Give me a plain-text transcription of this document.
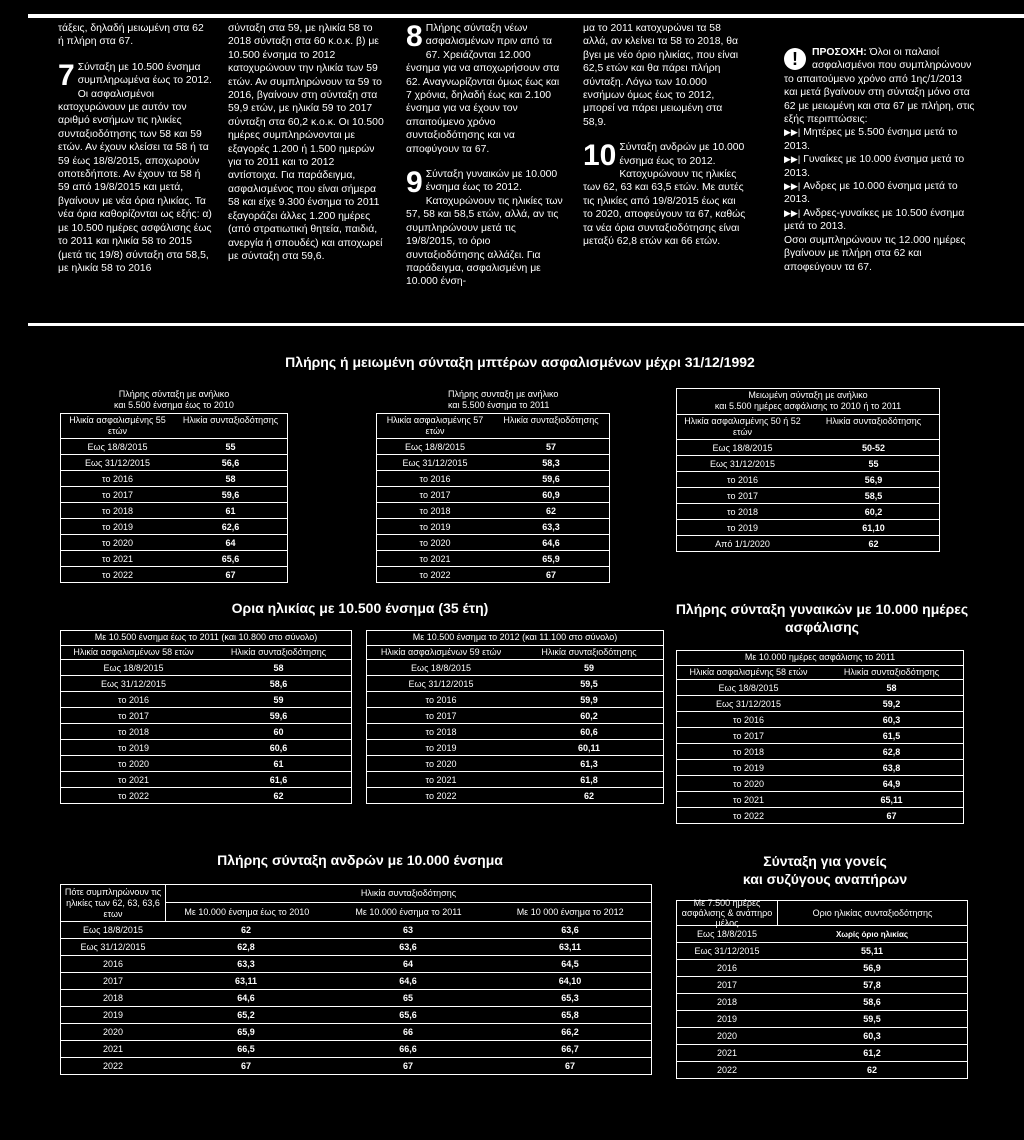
τάξεις, δηλαδή μειωμένη στα 62 ή πλήρη στα 67.

7 Σύνταξη με 10.500 ένσημα συμπληρωμένα έως το 2012. Οι ασφαλισμένοι κατοχυρώνουν με αυτόν τον αριθμό ενσήμων τις ηλικίες συνταξιοδότησης των 58 και 59 ετών. Αν έχουν κλείσει τα 58 ή τα 59 έως 18/8/2015, αποχωρούν οποτεδήποτε. Αν έχουν τα 58 ή 59 από 19/8/2015 και μετά, βγαίνουν με νέα όρια ηλικίας. Τα νέα όρια καθορίζονται ως εξής: α) με 10.500 ημέρες ασφάλισης έως το 2011 και ηλικία 58 το 2015 (μετά τις 19/8) σύνταξη στα 58,5, με ηλικία 58 το 2016

σύνταξη στα 59, με ηλικία 58 το 2018 σύνταξη στα 60 κ.ο.κ. β) με 10.500 ένσημα το 2012 κατοχυρώνουν την ηλικία των 59 ετών. Αν συμπληρώνουν τα 59 το 2016, βγαίνουν στη σύνταξη στα 59,9 ετών, με ηλικία 59 το 2017 σύνταξη στα 60,2 κ.ο.κ. Οι 10.500 ημέρες συμπληρώνονται με εξαγορές 1.200 ή 1.500 ημερών για το 2011 και το 2012 αντίστοιχα. Για παράδειγμα, ασφαλισμένος που είναι σήμερα 58 και είχε 9.300 ένσημα το 2011 εξαγοράζει άλλες 1.200 ημέρες (από στρατιωτική θητεία, παιδιά, ανεργία ή σπουδές) και αποχωρεί με σύνταξη στα 59,6.

8 Πλήρης σύνταξη νέων ασφαλισμένων πριν από τα 67. Χρειάζονται 12.000 ένσημα για να αποχωρήσουν στα 62. Αναγνωρίζονται όμως έως και 7 χρόνια, δηλαδή έως και 2.100 ένσημα για να έχουν τον απαιτούμενο χρόνο συνταξιοδότησης και να αποφύγουν τα 67.

9 Σύνταξη γυναικών με 10.000 ένσημα έως το 2012. Κατοχυρώνουν τις ηλικίες των 57, 58 και 58,5 ετών, αλλά, αν τις συμπληρώνουν μετά τις 19/8/2015, το όριο συνταξιοδότησης αλλάζει. Για παράδειγμα, ασφαλισμένη με 10.000 ένση-

μα το 2011 κατοχυρώνει τα 58 αλλά, αν κλείνει τα 58 το 2018, θα βγει με νέο όριο ηλικίας, που είναι 62,5 ετών και θα πάρει πλήρη σύνταξη. Λόγω των 10.000 ενσήμων όμως έως το 2012, μπορεί να πάρει μειωμένη στα 58,9.

10 Σύνταξη ανδρών με 10.000 ένσημα έως το 2012. Κατοχυρώνουν τις ηλικίες των 62, 63 και 63,5 ετών. Με αυτές τις ηλικίες από 19/8/2015 έως και το 2020, αποφεύγουν τα 67, καθώς τα νέα όρια συνταξιοδότησης είναι μεταξύ 62,8 ετών και 66 ετών.

!	ΠΡΟΣΟΧΗ: Όλοι οι παλαιοί ασφαλισμένοι που συμπληρώνουν το απαιτούμενο χρόνο από 1ης/1/2013 και μετά βγαίνουν στη σύνταξη μόνο στα 62 με μειωμένη και στα 67 με πλήρη, στις εξής περιπτώσεις:

▶▶| Μητέρες με 5.500 ένσημα μετά το 2013.

▶▶| Γυναίκες με 10.000 ένσημα μετά το 2013.

▶▶| Ανδρες με 10.000 ένσημα μετά το 2013.

▶▶| Ανδρες-γυναίκες με 10.500 ένσημα μετά το 2013.

Οσοι συμπληρώνουν τις 12.000 ημέρες βγαίνουν με πλήρη στα 62 και αποφεύγουν τα 67.

Πλήρης ή μειωμένη σύνταξη μπτέρων ασφαλισμένων μέχρι 31/12/1992
Πλήρης σύνταξη με ανήλικο
και 5.500 ένσημα έως το 2010
Ηλικία ασφαλισμένης 55 ετών
Ηλικία συνταξιοδότησης
Εως 18/8/2015	55
Εως 31/12/2015	56,6
το 2016	58
το 2017	59,6
το 2018	61
το 2019	62,6
το 2020	64
το 2021	65,6
το 2022	67
Πλήρης συνταξη με ανήλικο
και 5.500 ένσημα το 2011
Ηλικία ασφαλισμένης 57 ετών
Ηλικία συνταξιοδότησης
Εως 18/8/2015	57
Εως 31/12/2015	58,3
το 2016	59,6
το 2017	60,9
το 2018	62
το 2019	63,3
το 2020	64,6
το 2021	65,9
το 2022	67
Μειωμένη σύνταξη με ανήλικο
και 5.500 ημέρες ασφάλισης το 2010 ή το 2011
Ηλικία ασφαλισμένης 50 ή 52 ετών
Ηλικία συνταξιοδότησης
Εως 18/8/2015	50-52
Εως 31/12/2015	55
το 2016	56,9
το 2017	58,5
το 2018	60,2
το 2019	61,10
Από 1/1/2020	62
Ορια ηλικίας με 10.500 ένσημα (35 έτη)
Με 10.500 ένσημα έως το 2011 (και 10.800 στο σύνολο)
Ηλικία ασφαλισμένων 58 ετών	Ηλικία συνταξιοδότησης
Εως 18/8/2015	58
Εως 31/12/2015	58,6
το 2016	59
το 2017	59,6
το 2018	60
το 2019	60,6
το 2020	61
το 2021	61,6
το 2022	62
Με 10.500 ένσημα το 2012 (και 11.100 στο σύνολο)
Ηλικία ασφαλισμένων 59 ετών	Ηλικία συνταξιοδότησης
Εως 18/8/2015	59
Εως 31/12/2015	59,5
το 2016	59,9
το 2017	60,2
το 2018	60,6
το 2019	60,11
το 2020	61,3
το 2021	61,8
το 2022	62
Πλήρης σύνταξη γυναικών με 10.000 ημέρες ασφάλισης
Με 10.000 ημέρες ασφάλισης το 2011
Ηλικία ασφαλισμένης 58 ετών	Ηλικία συνταξιοδότησης
Εως 18/8/2015	58
Εως 31/12/2015	59,2
το 2016	60,3
το 2017	61,5
το 2018	62,8
το 2019	63,8
το 2020	64,9
το 2021	65,11
το 2022	67
Πλήρης σύνταξη ανδρών με 10.000 ένσημα
Πότε συμπληρώνουν τις ηλικίες των 62, 63, 63,6 ετων
Ηλικία συνταξιοδότησης
Με 10.000 ένσημα έως το 2010	Με 10.000 ένσημα το 2011	Με 10 000 ένσημα το 2012
Εως 18/8/2015	62	63	63,6
Εως 31/12/2015	62,8	63,6	63,11
2016	63,3	64	64,5
2017	63,11	64,6	64,10
2018	64,6	65	65,3
2019	65,2	65,6	65,8
2020	65,9	66	66,2
2021	66,5	66,6	66,7
2022	67	67	67
Σύνταξη για γονείς
και συζύγους αναπήρων
Με 7.500 ημέρες ασφάλισης & ανάπηρο μέλος
Οριο ηλικίας συνταξιοδότησης
Εως 18/8/2015	Χωρίς όριο ηλικίας
Εως 31/12/2015	55,11
2016	56,9
2017	57,8
2018	58,6
2019	59,5
2020	60,3
2021	61,2
2022	62
